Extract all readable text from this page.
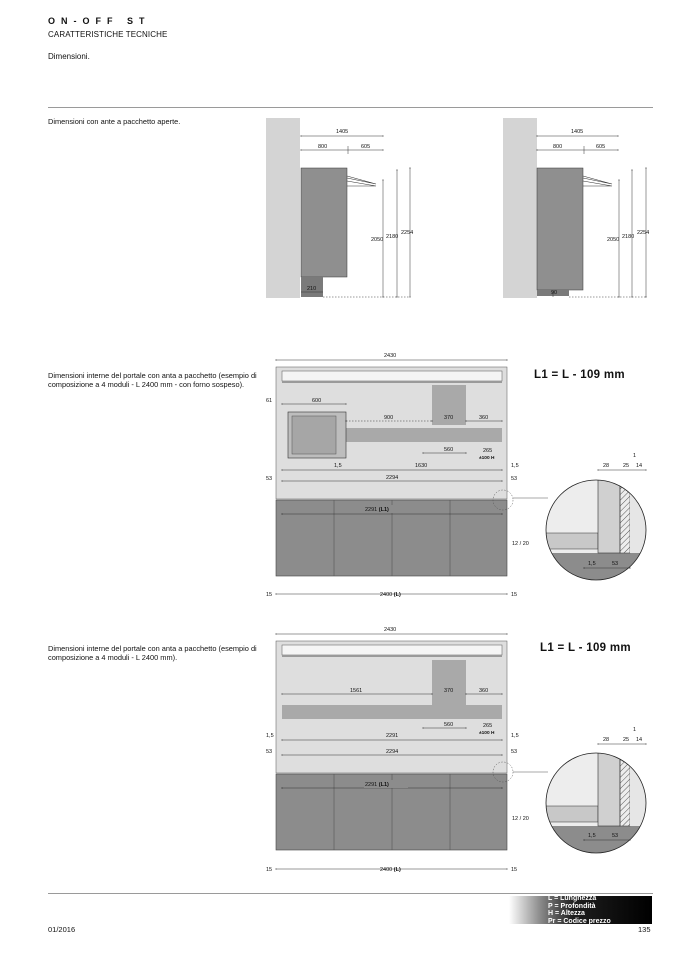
ON-OFF ST
CARATTERISTICHE TECNICHE
Dimensioni.
Dimensioni con ante a pacchetto aperte.
Dimensioni interne del portale con anta a pacchetto (esempio di composizione a 4 moduli - L 2400 mm - con forno sospeso).
Dimensioni interne del portale con anta a pacchetto (esempio di composizione a 4 moduli - L 2400 mm).
L1 = L - 109 mm
L1 = L - 109 mm
1405
800	605
2050 2180
2254
210
1405
800	605
2050 2180
2254
90
2430
600
61
900	370	360
560	265
±100 H
1,5	1630	1,5
53	2294	53
2291 (L1)
2400 (L)
15	15
28	25 14
1
12 / 20
1,5	53
2430
1561	370	360
560	265
±100 H
1,5	2291	1,5
53	2294	53
2291 (L1)
2400 (L)
15	15
28	25 14
1
12 / 20
1,5	53
L = Lunghezza
P = Profondità
H = Altezza
Pr = Codice prezzo
01/2016	135
